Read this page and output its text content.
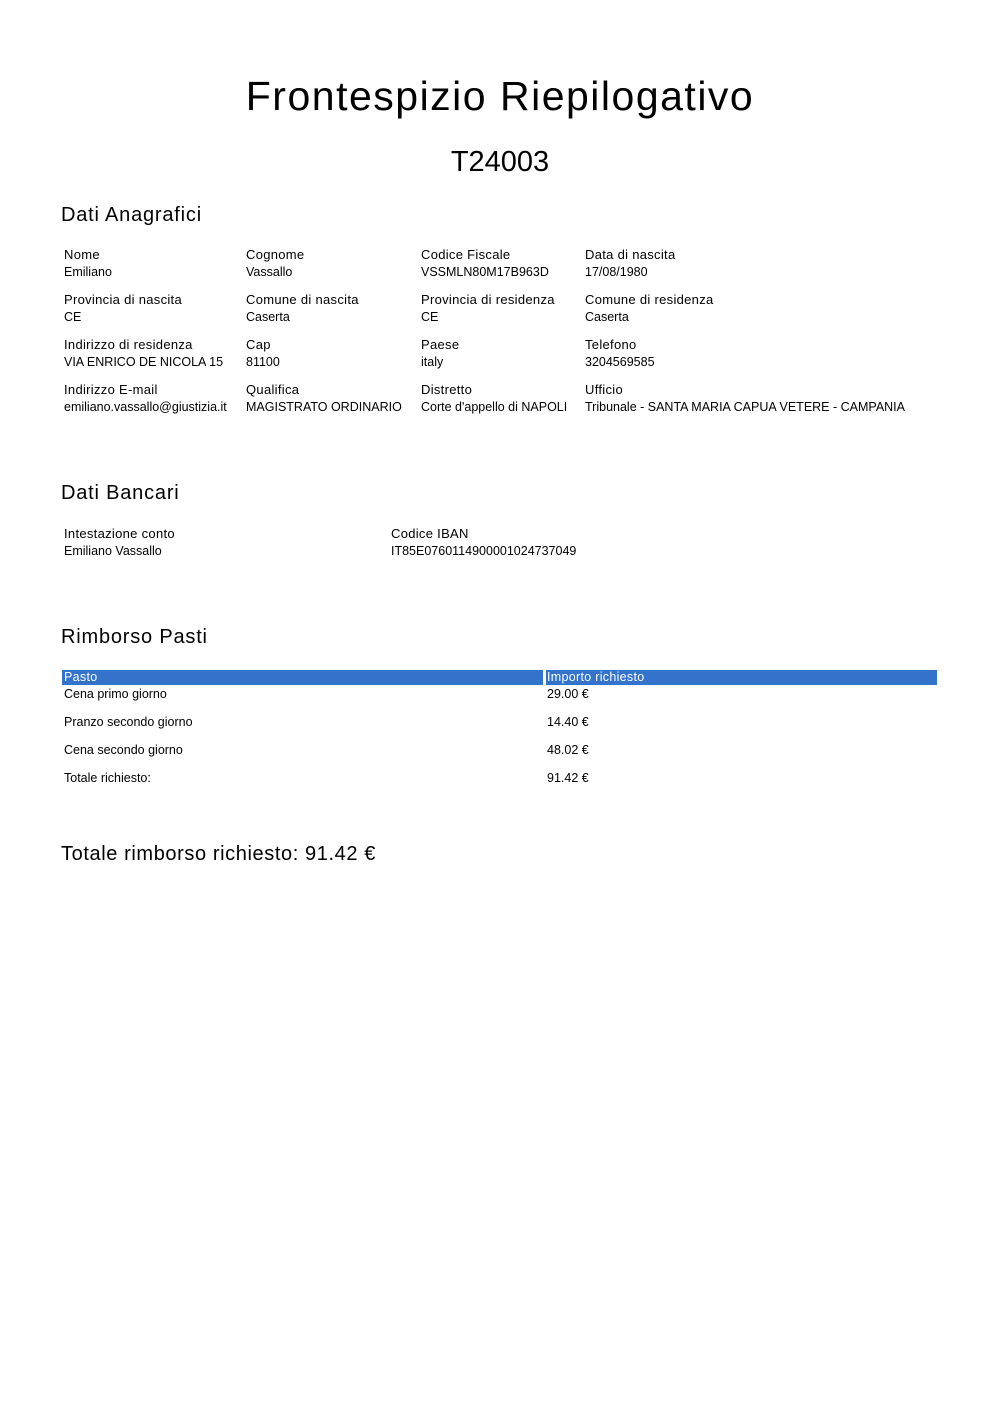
Frontespizio Riepilogativo
T24003
Dati Anagrafici
Nome
Emiliano
Cognome
Vassallo
Codice Fiscale
VSSMLN80M17B963D
Data di nascita
17/08/1980
Provincia di nascita
CE
Comune di nascita
Caserta
Provincia di residenza
CE
Comune di residenza
Caserta
Indirizzo di residenza
VIA ENRICO DE NICOLA 15
Cap
81100
Paese
italy
Telefono
3204569585
Indirizzo E-mail
emiliano.vassallo@giustizia.it
Qualifica
MAGISTRATO ORDINARIO
Distretto
Corte d'appello di NAPOLI
Ufficio
Tribunale - SANTA MARIA CAPUA VETERE - CAMPANIA
Dati Bancari
Intestazione conto
Emiliano Vassallo
Codice IBAN
IT85E0760114900001024737049
Rimborso Pasti
Pasto	Importo richiesto
Cena primo giorno	29.00 €
Pranzo secondo giorno	14.40 €
Cena secondo giorno	48.02 €
Totale richiesto:	91.42 €
Totale rimborso richiesto: 91.42 €
